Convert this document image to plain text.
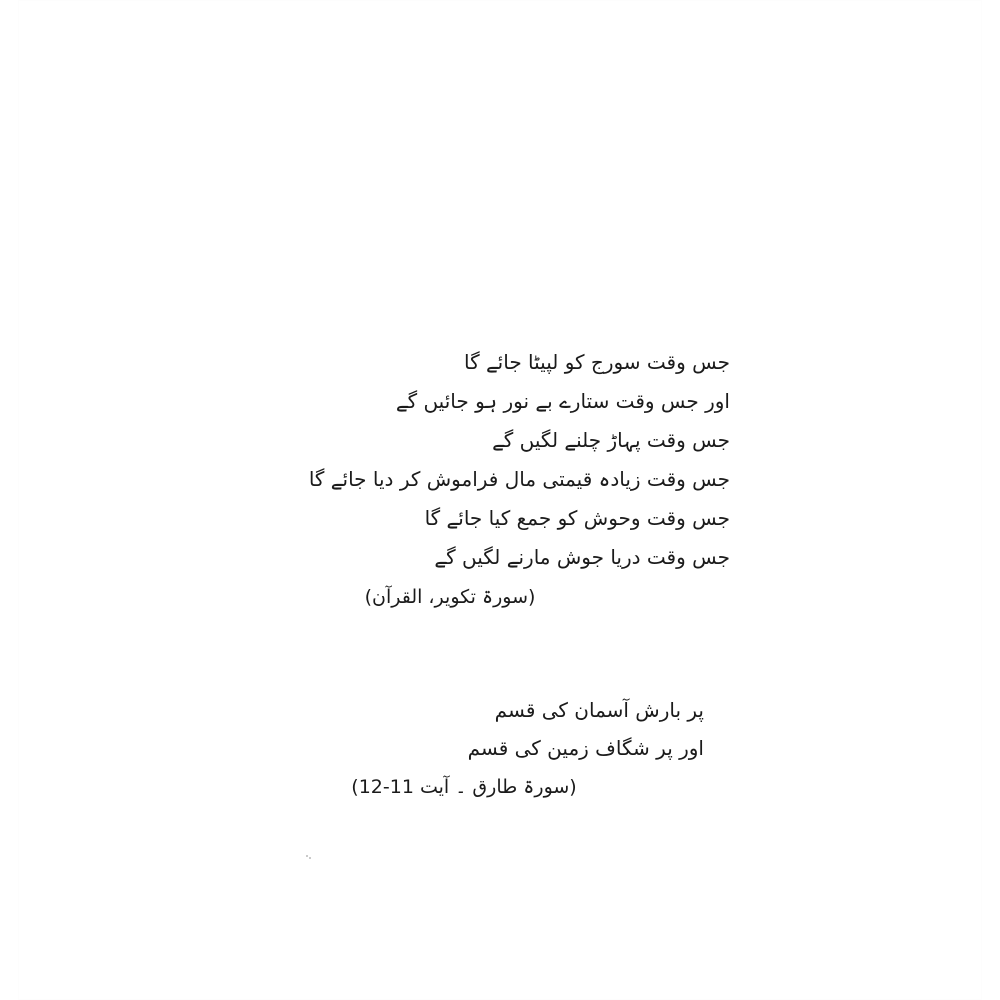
جس وقت سورج کو لپیٹا جائے گا

اور جس وقت ستارے بے نور ہو جائیں گے

جس وقت پہاڑ چلنے لگیں گے

جس وقت زیادہ قیمتی مال فراموش کر دیا جائے گا

جس وقت وحوش کو جمع کیا جائے گا

جس وقت دریا جوش مارنے لگیں گے

(سورۃ تکویر، القرآن)

پر بارش آسمان کی قسم

اور پر شگاف زمین کی قسم

(سورۃ طارق ۔ آیت 11-12)
